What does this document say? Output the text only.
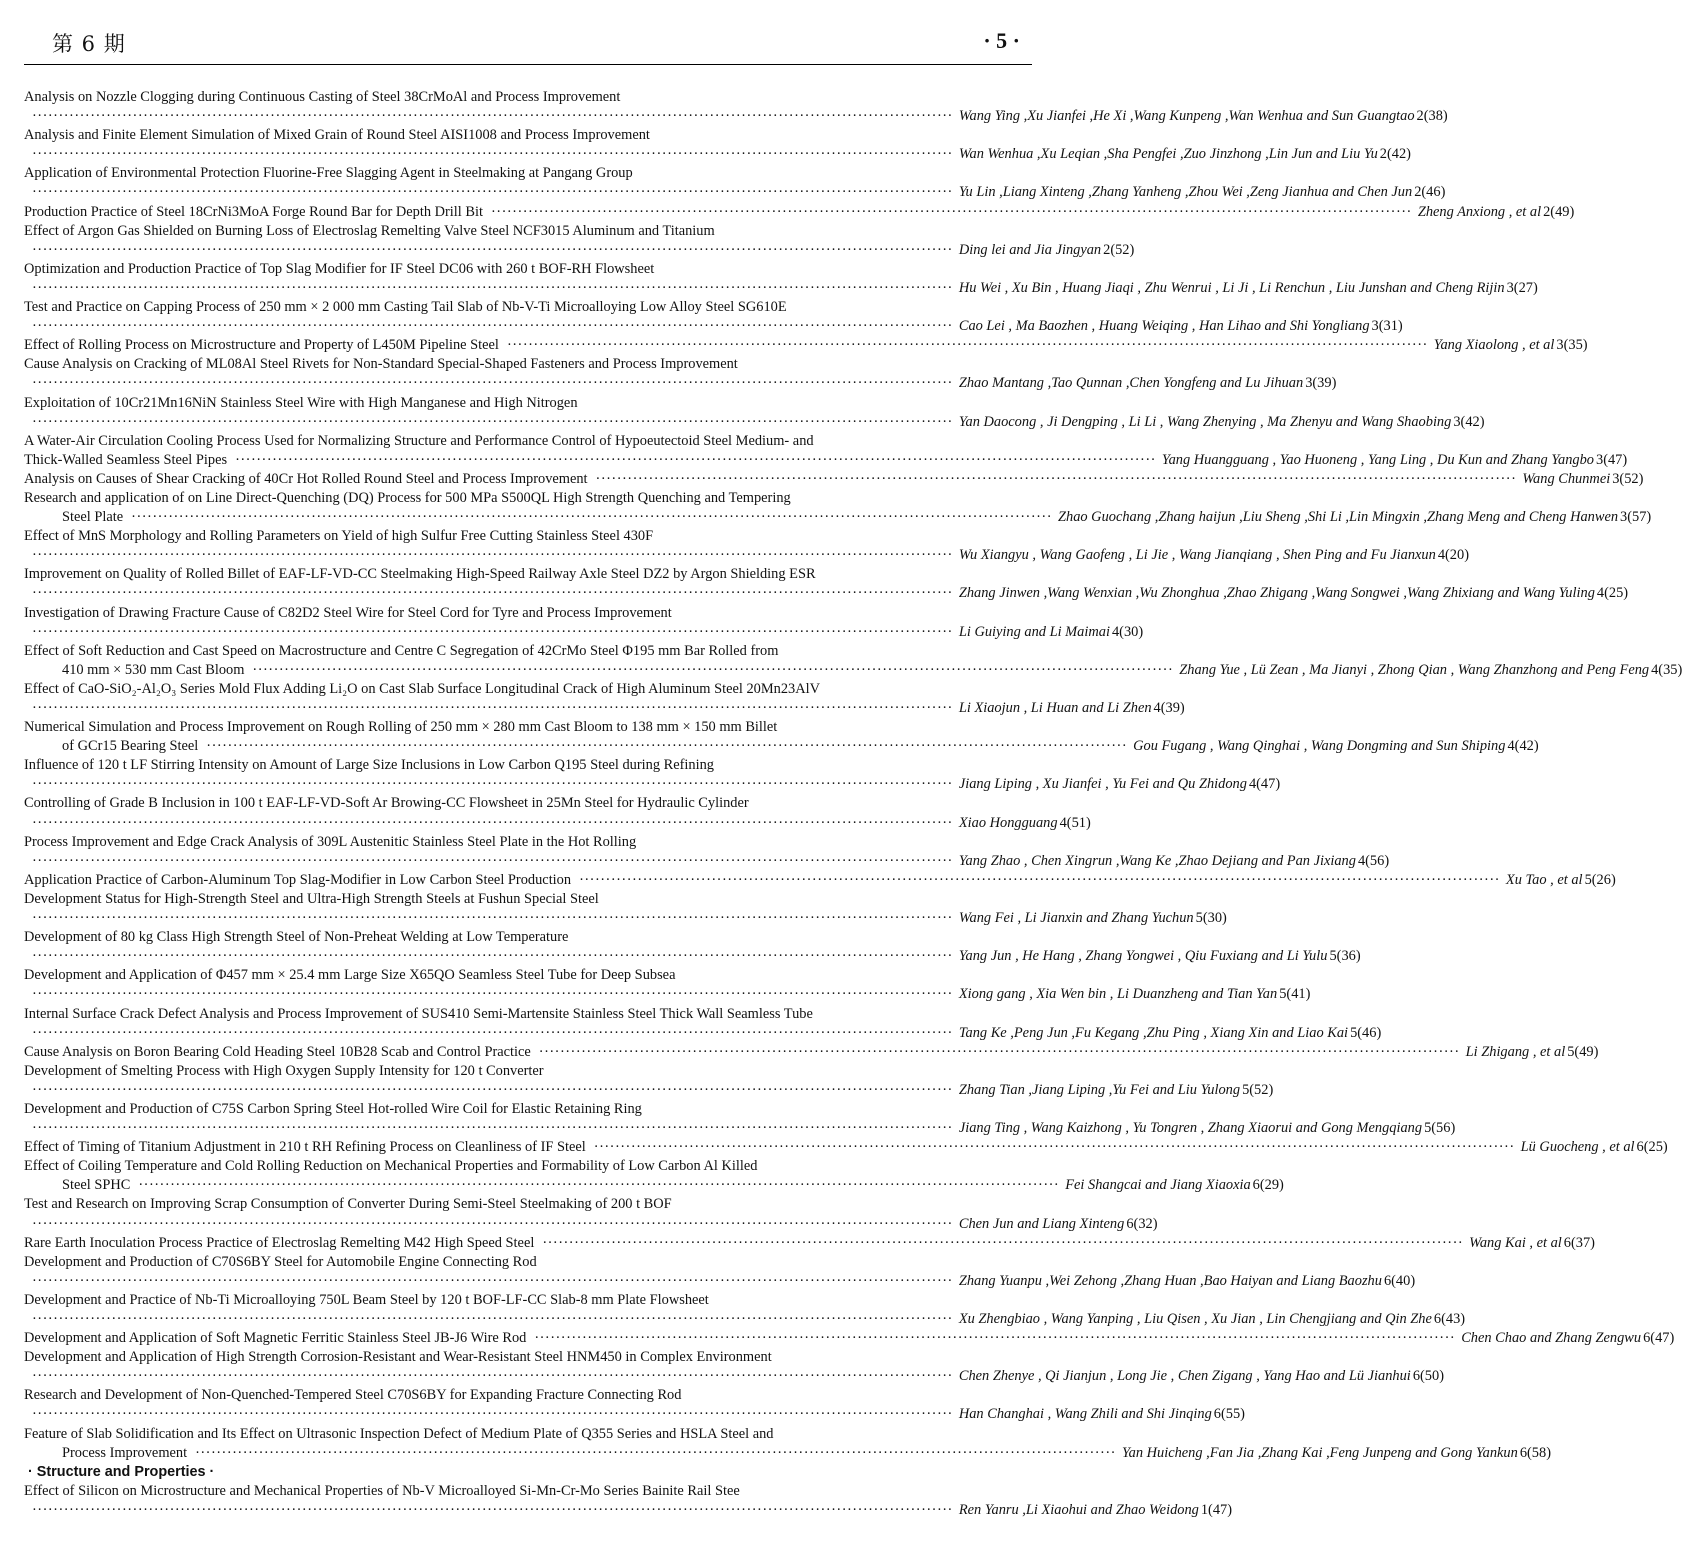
第 6 期	· 5 ·
Analysis on Nozzle Clogging during Continuous Casting of Steel 38CrMoAl and Process Improvement
·············································································································································································· Wang Ying ,Xu Jianfei ,He Xi ,Wang Kunpeng ,Wan Wenhua and Sun Guangtao 2(38)
Analysis and Finite Element Simulation of Mixed Grain of Round Steel AISI1008 and Process Improvement
·············································································································································································· Wan Wenhua ,Xu Leqian ,Sha Pengfei ,Zuo Jinzhong ,Lin Jun and Liu Yu 2(42)
Application of Environmental Protection Fluorine-Free Slagging Agent in Steelmaking at Pangang Group
·············································································································································································· Yu Lin ,Liang Xinteng ,Zhang Yanheng ,Zhou Wei ,Zeng Jianhua and Chen Jun 2(46)
Production Practice of Steel 18CrNi3MoA Forge Round Bar for Depth Drill Bit ·············································································································································································· Zheng Anxiong , et al 2(49)
Effect of Argon Gas Shielded on Burning Loss of Electroslag Remelting Valve Steel NCF3015 Aluminum and Titanium
·············································································································································································· Ding lei and Jia Jingyan 2(52)
Optimization and Production Practice of Top Slag Modifier for IF Steel DC06 with 260 t BOF-RH Flowsheet
·············································································································································································· Hu Wei , Xu Bin , Huang Jiaqi , Zhu Wenrui , Li Ji , Li Renchun , Liu Junshan and Cheng Rijin 3(27)
Test and Practice on Capping Process of 250 mm × 2 000 mm Casting Tail Slab of Nb-V-Ti Microalloying Low Alloy Steel SG610E
·············································································································································································· Cao Lei , Ma Baozhen , Huang Weiqing , Han Lihao and Shi Yongliang 3(31)
Effect of Rolling Process on Microstructure and Property of L450M Pipeline Steel ·············································································································································································· Yang Xiaolong , et al 3(35)
Cause Analysis on Cracking of ML08Al Steel Rivets for Non-Standard Special-Shaped Fasteners and Process Improvement
·············································································································································································· Zhao Mantang ,Tao Qunnan ,Chen Yongfeng and Lu Jihuan 3(39)
Exploitation of 10Cr21Mn16NiN Stainless Steel Wire with High Manganese and High Nitrogen
·············································································································································································· Yan Daocong , Ji Dengping , Li Li , Wang Zhenying , Ma Zhenyu and Wang Shaobing 3(42)
A Water-Air Circulation Cooling Process Used for Normalizing Structure and Performance Control of Hypoeutectoid Steel Medium- and
Thick-Walled Seamless Steel Pipes ·············································································································································································· Yang Huangguang , Yao Huoneng , Yang Ling , Du Kun and Zhang Yangbo 3(47)
Analysis on Causes of Shear Cracking of 40Cr Hot Rolled Round Steel and Process Improvement ·············································································································································································· Wang Chunmei 3(52)
Research and application of on Line Direct-Quenching (DQ) Process for 500 MPa S500QL High Strength Quenching and Tempering
Steel Plate ·············································································································································································· Zhao Guochang ,Zhang haijun ,Liu Sheng ,Shi Li ,Lin Mingxin ,Zhang Meng and Cheng Hanwen 3(57)
Effect of MnS Morphology and Rolling Parameters on Yield of high Sulfur Free Cutting Stainless Steel 430F
·············································································································································································· Wu Xiangyu , Wang Gaofeng , Li Jie , Wang Jianqiang , Shen Ping and Fu Jianxun 4(20)
Improvement on Quality of Rolled Billet of EAF-LF-VD-CC Steelmaking High-Speed Railway Axle Steel DZ2 by Argon Shielding ESR
·············································································································································································· Zhang Jinwen ,Wang Wenxian ,Wu Zhonghua ,Zhao Zhigang ,Wang Songwei ,Wang Zhixiang and Wang Yuling 4(25)
Investigation of Drawing Fracture Cause of C82D2 Steel Wire for Steel Cord for Tyre and Process Improvement
·············································································································································································· Li Guiying and Li Maimai 4(30)
Effect of Soft Reduction and Cast Speed on Macrostructure and Centre C Segregation of 42CrMo Steel Φ195 mm Bar Rolled from
410 mm × 530 mm Cast Bloom ·············································································································································································· Zhang Yue , Lü Zean , Ma Jianyi , Zhong Qian , Wang Zhanzhong and Peng Feng 4(35)
Effect of CaO-SiO₂-Al₂O₃ Series Mold Flux Adding Li₂O on Cast Slab Surface Longitudinal Crack of High Aluminum Steel 20Mn23AlV
·············································································································································································· Li Xiaojun , Li Huan and Li Zhen 4(39)
Numerical Simulation and Process Improvement on Rough Rolling of 250 mm × 280 mm Cast Bloom to 138 mm × 150 mm Billet
of GCr15 Bearing Steel ·············································································································································································· Gou Fugang , Wang Qinghai , Wang Dongming and Sun Shiping 4(42)
Influence of 120 t LF Stirring Intensity on Amount of Large Size Inclusions in Low Carbon Q195 Steel during Refining
·············································································································································································· Jiang Liping , Xu Jianfei , Yu Fei and Qu Zhidong 4(47)
Controlling of Grade B Inclusion in 100 t EAF-LF-VD-Soft Ar Browing-CC Flowsheet in 25Mn Steel for Hydraulic Cylinder
·············································································································································································· Xiao Hongguang 4(51)
Process Improvement and Edge Crack Analysis of 309L Austenitic Stainless Steel Plate in the Hot Rolling
·············································································································································································· Yang Zhao , Chen Xingrun ,Wang Ke ,Zhao Dejiang and Pan Jixiang 4(56)
Application Practice of Carbon-Aluminum Top Slag-Modifier in Low Carbon Steel Production ·············································································································································································· Xu Tao , et al 5(26)
Development Status for High-Strength Steel and Ultra-High Strength Steels at Fushun Special Steel
·············································································································································································· Wang Fei , Li Jianxin and Zhang Yuchun 5(30)
Development of 80 kg Class High Strength Steel of Non-Preheat Welding at Low Temperature
·············································································································································································· Yang Jun , He Hang , Zhang Yongwei , Qiu Fuxiang and Li Yulu 5(36)
Development and Application of Φ457 mm × 25.4 mm Large Size X65QO Seamless Steel Tube for Deep Subsea
·············································································································································································· Xiong gang , Xia Wen bin , Li Duanzheng and Tian Yan 5(41)
Internal Surface Crack Defect Analysis and Process Improvement of SUS410 Semi-Martensite Stainless Steel Thick Wall Seamless Tube
·············································································································································································· Tang Ke ,Peng Jun ,Fu Kegang ,Zhu Ping , Xiang Xin and Liao Kai 5(46)
Cause Analysis on Boron Bearing Cold Heading Steel 10B28 Scab and Control Practice ·············································································································································································· Li Zhigang , et al 5(49)
Development of Smelting Process with High Oxygen Supply Intensity for 120 t Converter
·············································································································································································· Zhang Tian ,Jiang Liping ,Yu Fei and Liu Yulong 5(52)
Development and Production of C75S Carbon Spring Steel Hot-rolled Wire Coil for Elastic Retaining Ring
·············································································································································································· Jiang Ting , Wang Kaizhong , Yu Tongren , Zhang Xiaorui and Gong Mengqiang 5(56)
Effect of Timing of Titanium Adjustment in 210 t RH Refining Process on Cleanliness of IF Steel ·············································································································································································· Lü Guocheng , et al 6(25)
Effect of Coiling Temperature and Cold Rolling Reduction on Mechanical Properties and Formability of Low Carbon Al Killed
Steel SPHC ·············································································································································································· Fei Shangcai and Jiang Xiaoxia 6(29)
Test and Research on Improving Scrap Consumption of Converter During Semi-Steel Steelmaking of 200 t BOF
·············································································································································································· Chen Jun and Liang Xinteng 6(32)
Rare Earth Inoculation Process Practice of Electroslag Remelting M42 High Speed Steel ·············································································································································································· Wang Kai , et al 6(37)
Development and Production of C70S6BY Steel for Automobile Engine Connecting Rod
·············································································································································································· Zhang Yuanpu ,Wei Zehong ,Zhang Huan ,Bao Haiyan and Liang Baozhu 6(40)
Development and Practice of Nb-Ti Microalloying 750L Beam Steel by 120 t BOF-LF-CC Slab-8 mm Plate Flowsheet
·············································································································································································· Xu Zhengbiao , Wang Yanping , Liu Qisen , Xu Jian , Lin Chengjiang and Qin Zhe 6(43)
Development and Application of Soft Magnetic Ferritic Stainless Steel JB-J6 Wire Rod ·············································································································································································· Chen Chao and Zhang Zengwu 6(47)
Development and Application of High Strength Corrosion-Resistant and Wear-Resistant Steel HNM450 in Complex Environment
·············································································································································································· Chen Zhenye , Qi Jianjun , Long Jie , Chen Zigang , Yang Hao and Lü Jianhui 6(50)
Research and Development of Non-Quenched-Tempered Steel C70S6BY for Expanding Fracture Connecting Rod
·············································································································································································· Han Changhai , Wang Zhili and Shi Jinqing 6(55)
Feature of Slab Solidification and Its Effect on Ultrasonic Inspection Defect of Medium Plate of Q355 Series and HSLA Steel and
Process Improvement ·············································································································································································· Yan Huicheng ,Fan Jia ,Zhang Kai ,Feng Junpeng and Gong Yankun 6(58)
· Structure and Properties ·
Effect of Silicon on Microstructure and Mechanical Properties of Nb-V Microalloyed Si-Mn-Cr-Mo Series Bainite Rail Stee
·············································································································································································· Ren Yanru ,Li Xiaohui and Zhao Weidong 1(47)
